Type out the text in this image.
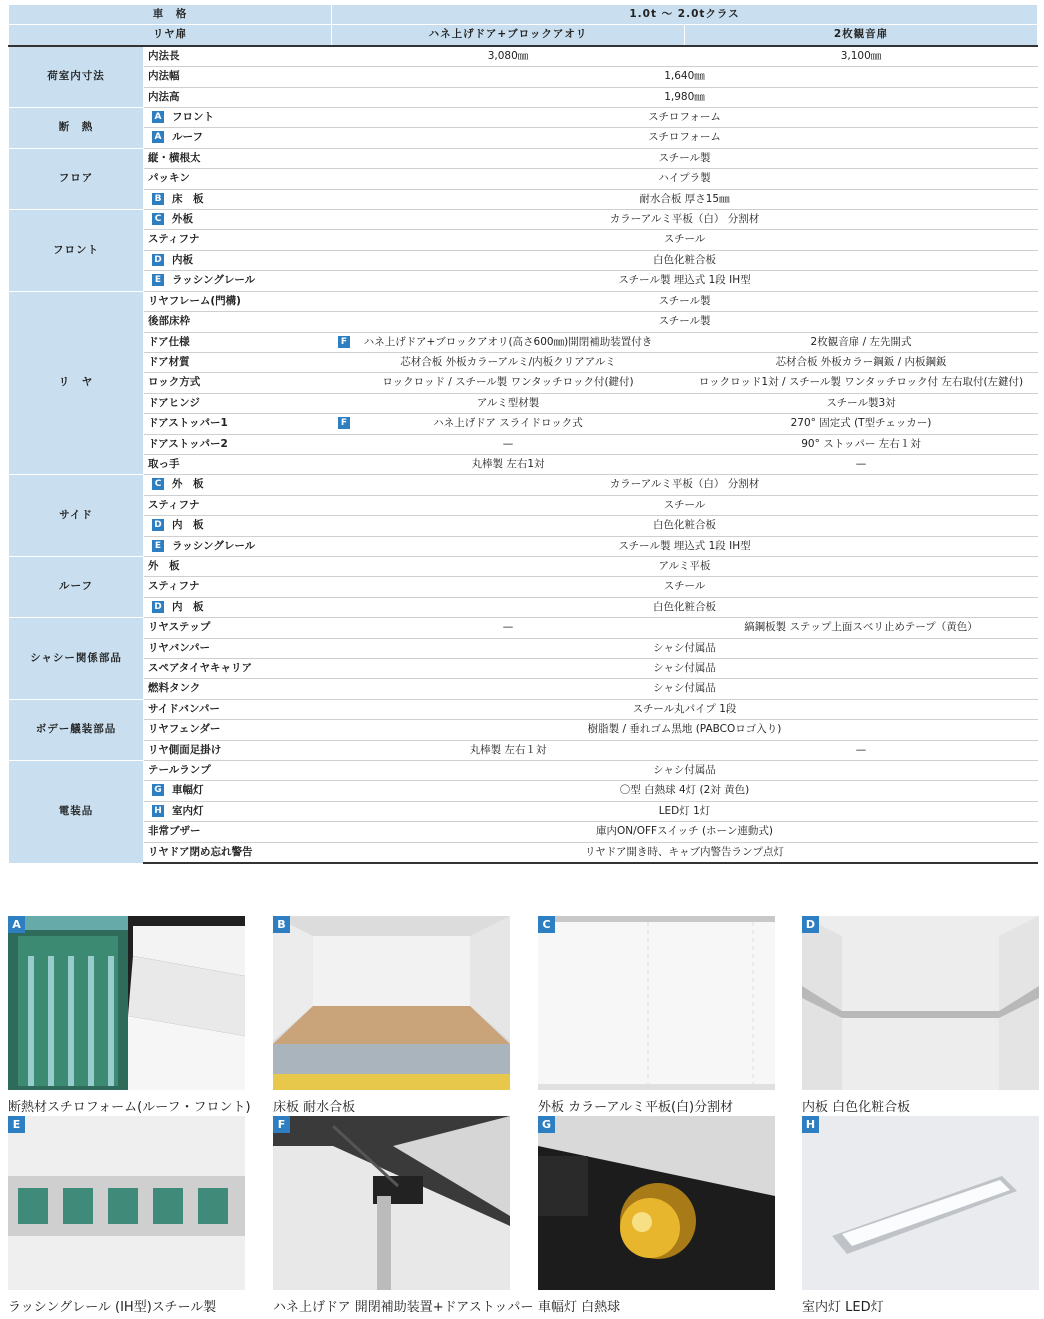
車　格		1.0t ～ 2.0tクラス	
リヤ扉		ハネ上げドア+ブロックアオリ	2枚観音扉
荷室内寸法	内法長	3,080㎜	3,100㎜
	内法幅	1,640㎜	
	内法高	1,980㎜	
断　熱	A フロント	スチロフォーム	
	A ルーフ	スチロフォーム	
フロア	縦・横根太	スチール製	
	パッキン	ハイプラ製	
	B 床　板	耐水合板 厚さ15㎜	
フロント	C 外板	カラーアルミ平板（白） 分割材	
	スティフナ	スチール	
	D 内板	白色化粧合板	
	E ラッシングレール	スチール製 埋込式 1段 IH型	
リ　ヤ	リヤフレーム(門構)	スチール製	
	後部床枠	スチール製	
	ドア仕様	F ハネ上げドア+ブロックアオリ(高さ600㎜)開閉補助装置付き	2枚観音扉 / 左先開式
	ドア材質	芯材合板 外板カラーアルミ/内板クリアアルミ	芯材合板 外板カラー鋼鈑 / 内板鋼鈑
	ロック方式	ロックロッド / スチール製 ワンタッチロック付(鍵付)	ロックロッド1対 / スチール製 ワンタッチロック付 左右取付(左鍵付)
	ドアヒンジ	アルミ型材製	スチール製3対
	ドアストッパー1	F ハネ上げドア スライドロック式	270° 固定式 (T型チェッカー)
	ドアストッパー2	—	90° ストッパー 左右１対
	取っ手	丸棒製 左右1対	—
サイド	C 外　板	カラーアルミ平板（白） 分割材	
	スティフナ	スチール	
	D 内　板	白色化粧合板	
	E ラッシングレール	スチール製 埋込式 1段 IH型	
ルーフ	外　板	アルミ平板	
	スティフナ	スチール	
	D 内　板	白色化粧合板	
シャシー関係部品	リヤステップ	—	縞鋼板製 ステップ上面スベリ止めテープ（黄色）
	リヤバンパー	シャシ付属品	
	スペアタイヤキャリア	シャシ付属品	
	燃料タンク	シャシ付属品	
ボデー艤装部品	サイドバンパー	スチール丸パイプ 1段	
	リヤフェンダー	樹脂製 / 垂れゴム黒地 (PABCOロゴ入り)	
	リヤ側面足掛け	丸棒製 左右１対	—
電装品	テールランプ	シャシ付属品	
	G 車幅灯	〇型 白熱球 4灯 (2対 黄色)	
	H 室内灯	LED灯 1灯	
	非常ブザー	庫内ON/OFFスイッチ (ホーン連動式)	
	リヤドア閉め忘れ警告	リヤドア開き時、キャブ内警告ランプ点灯	
A
断熱材スチロフォーム(ルーフ・フロント)
B
床板 耐水合板
C
外板 カラーアルミ平板(白)分割材
D
内板 白色化粧合板
E
ラッシングレール (IH型)スチール製
F
ハネ上げドア 開閉補助装置+ドアストッパー
G
車幅灯 白熱球
H
室内灯 LED灯
